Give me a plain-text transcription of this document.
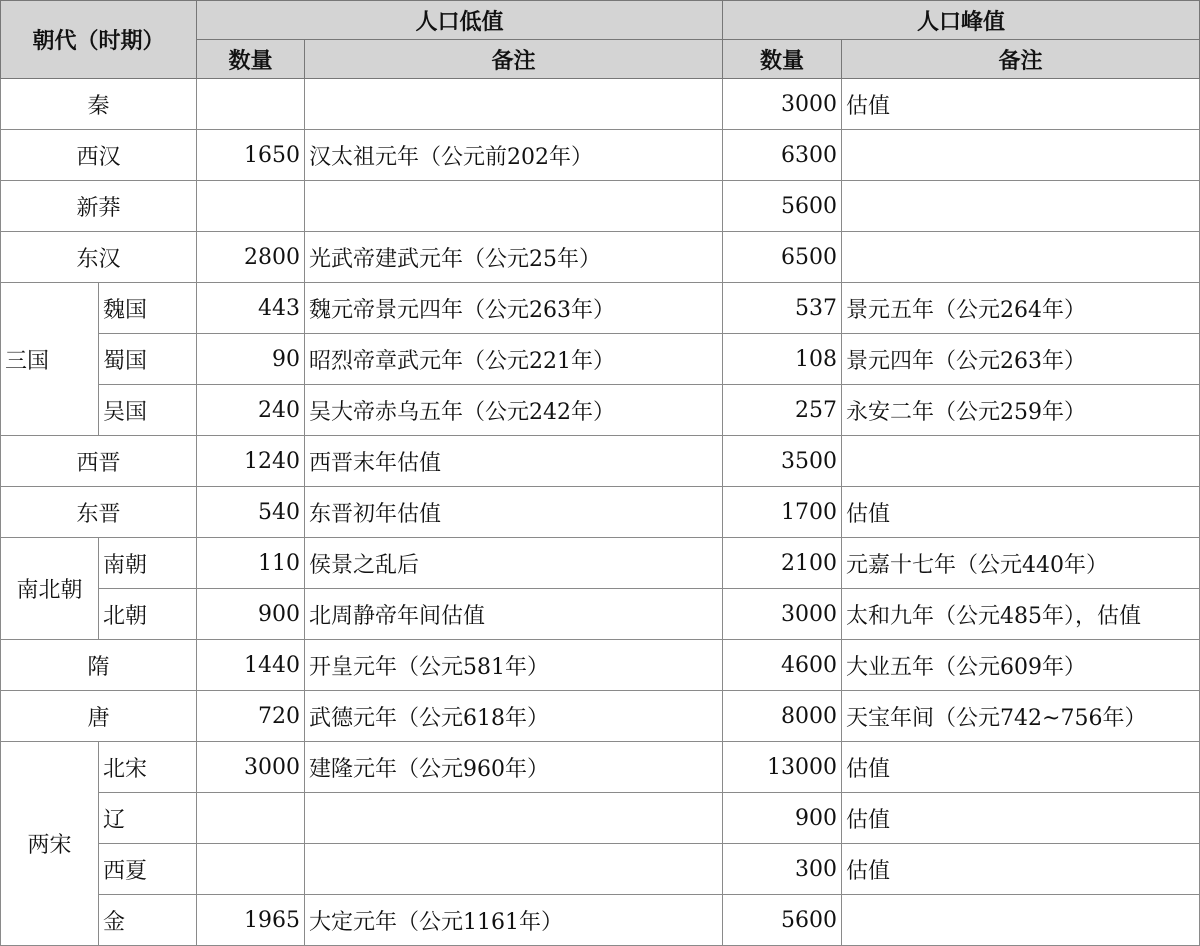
朝代（时期）		人口低值		人口峰值	
		数量	备注	数量	备注
秦				3000	估值
西汉		1650	汉太祖元年（公元前202年）	6300	
新莽				5600	
东汉		2800	光武帝建武元年（公元25年）	6500	
三国	魏国	443	魏元帝景元四年（公元263年）	537	景元五年（公元264年）
	蜀国	90	昭烈帝章武元年（公元221年）	108	景元四年（公元263年）
	吴国	240	吴大帝赤乌五年（公元242年）	257	永安二年（公元259年）
西晋		1240	西晋末年估值	3500	
东晋		540	东晋初年估值	1700	估值
南北朝	南朝	110	侯景之乱后	2100	元嘉十七年（公元440年）
	北朝	900	北周静帝年间估值	3000	太和九年（公元485年），估值
隋		1440	开皇元年（公元581年）	4600	大业五年（公元609年）
唐		720	武德元年（公元618年）	8000	天宝年间（公元742~756年）
两宋	北宋	3000	建隆元年（公元960年）	13000	估值
	辽			900	估值
	西夏			300	估值
	金	1965	大定元年（公元1161年）	5600	
